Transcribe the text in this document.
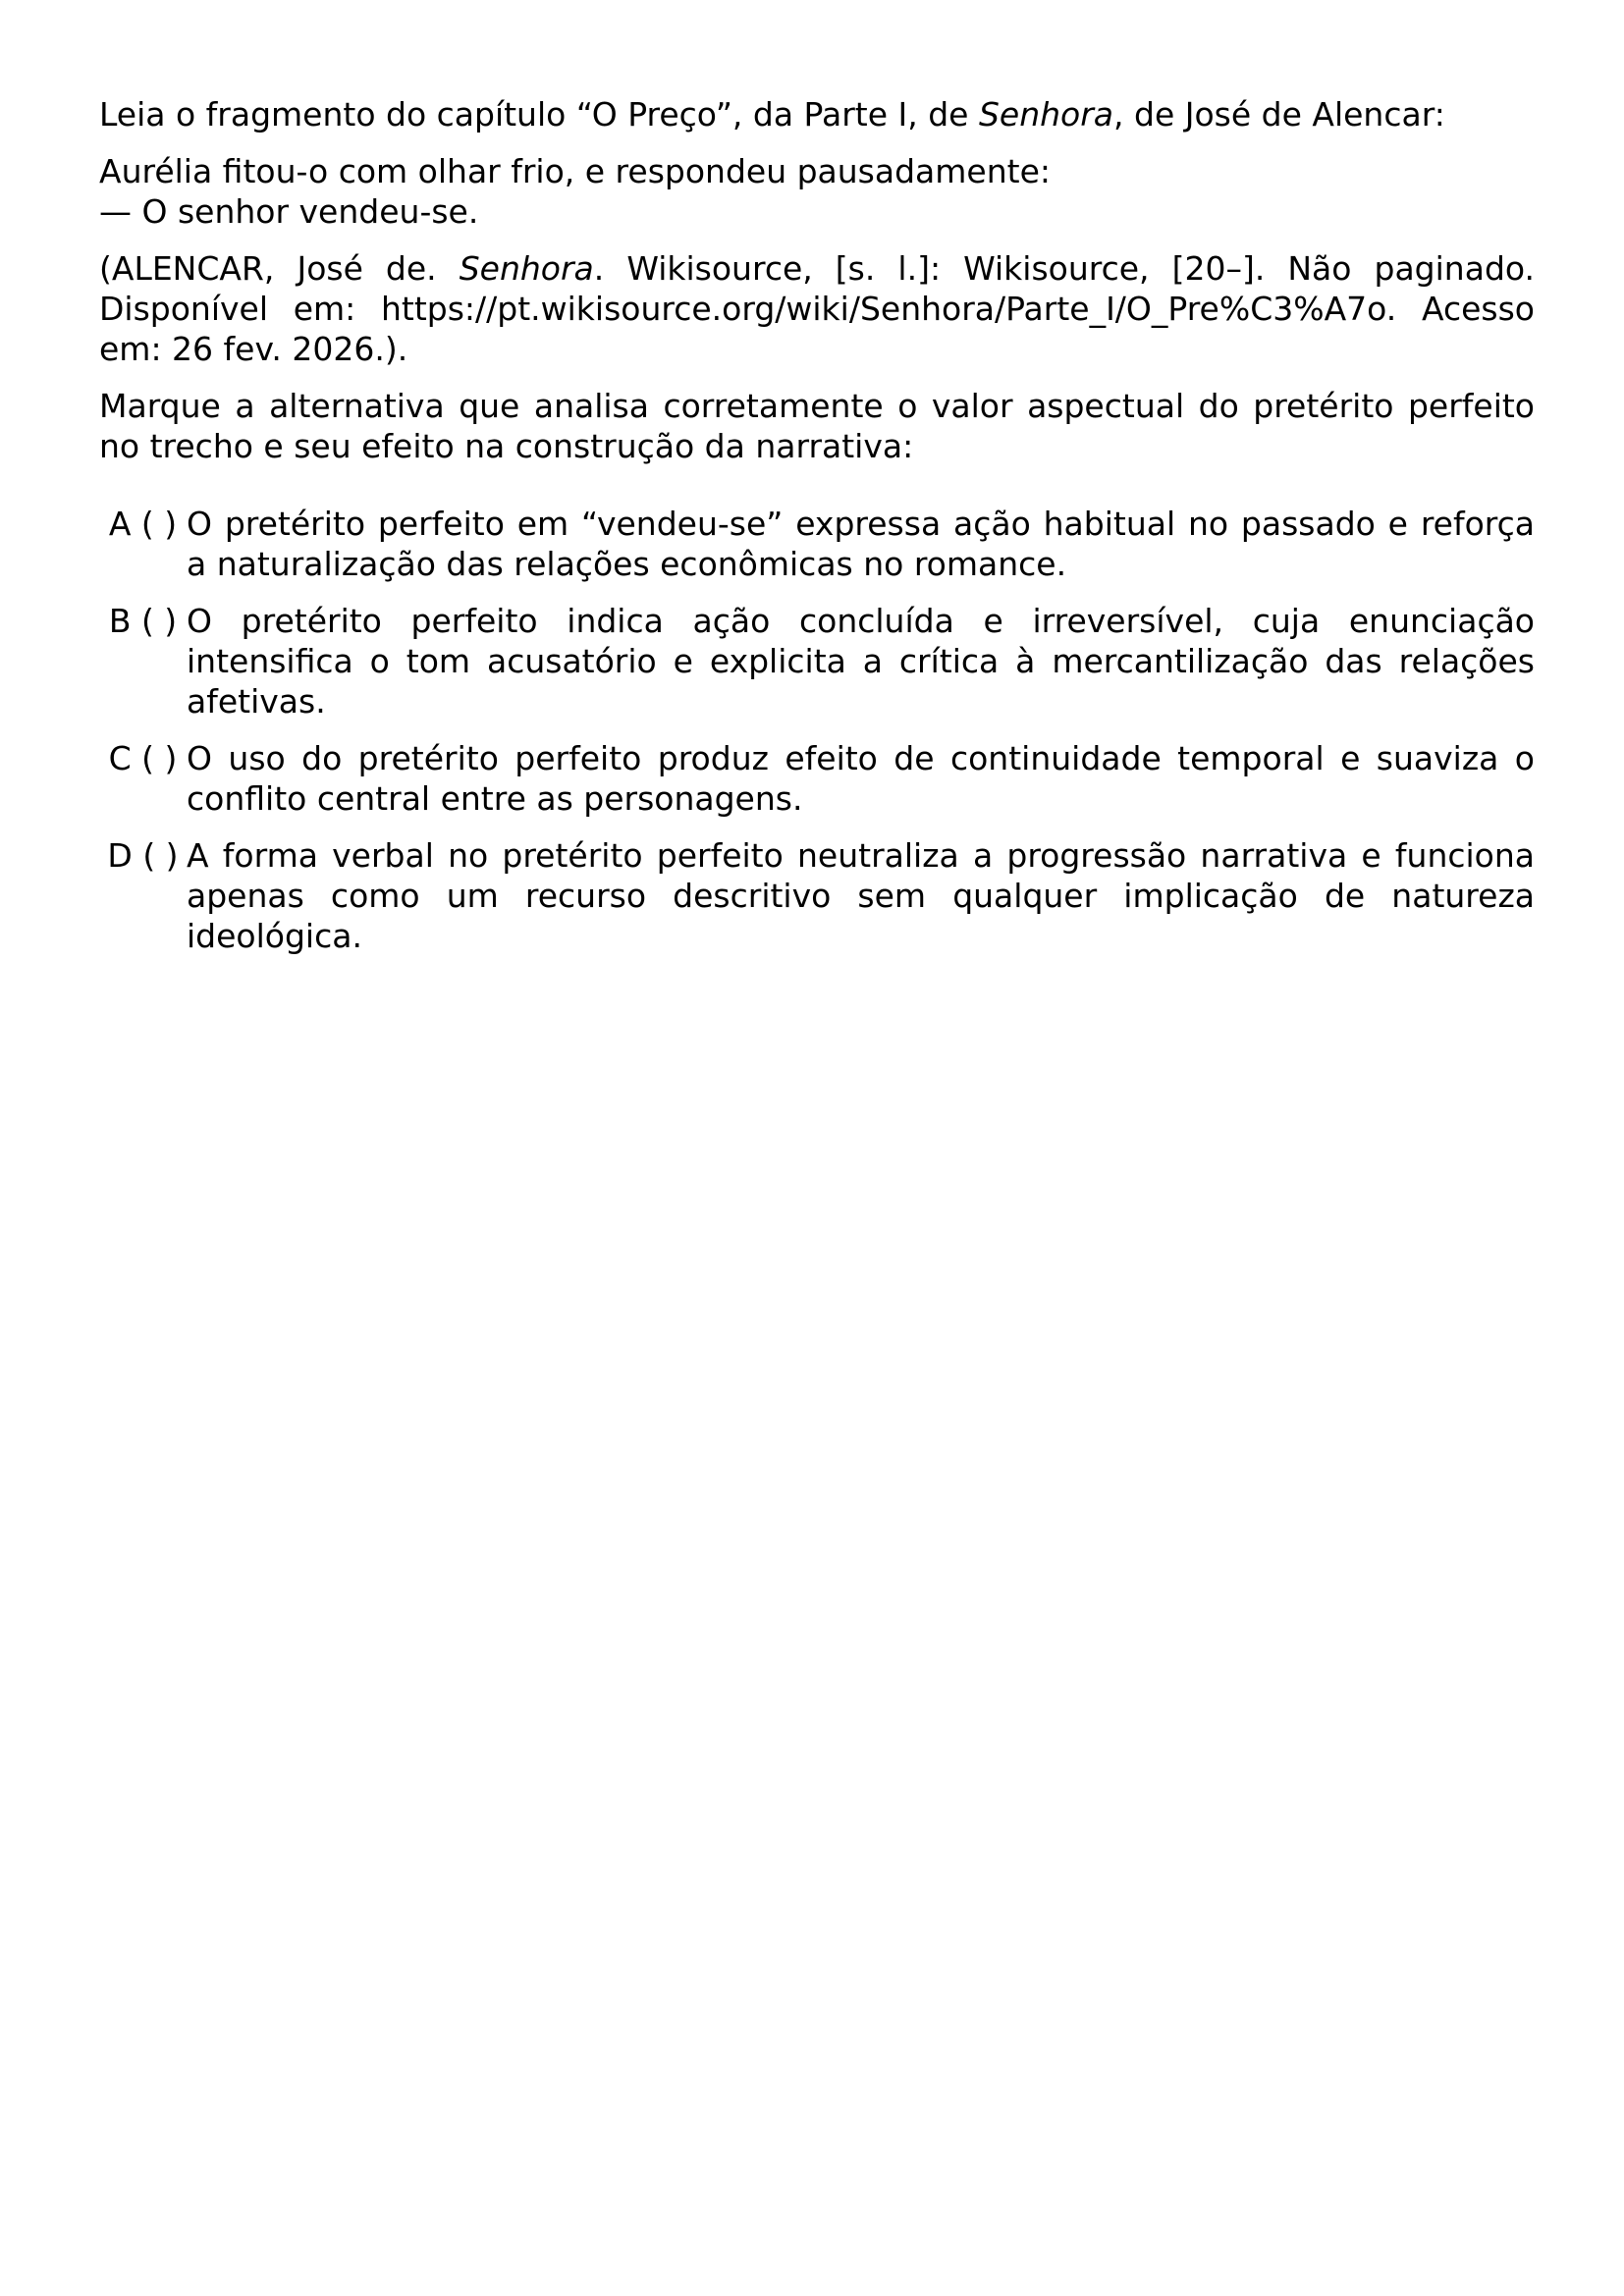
Leia o fragmento do capítulo “O Preço”, da Parte I, de Senhora, de José de Alencar:

Aurélia fitou-o com olhar frio, e respondeu pausadamente:
— O senhor vendeu-se.

(ALENCAR, José de. Senhora. Wikisource, [s. l.]: Wikisource, [20–]. Não paginado. Disponível em: https://pt.wikisource.org/wiki/Senhora/Parte_I/O_Pre%C3%A7o. Acesso em: 26 fev. 2026.).

Marque a alternativa que analisa corretamente o valor aspectual do pretérito perfeito no trecho e seu efeito na construção da narrativa:

A ( ) O pretérito perfeito em “vendeu-se” expressa ação habitual no passado e reforça a naturalização das relações econômicas no romance.
B ( ) O pretérito perfeito indica ação concluída e irreversível, cuja enunciação intensifica o tom acusatório e explicita a crítica à mercantilização das relações afetivas.
C ( ) O uso do pretérito perfeito produz efeito de continuidade temporal e suaviza o conflito central entre as personagens.
D ( ) A forma verbal no pretérito perfeito neutraliza a progressão narrativa e funciona apenas como um recurso descritivo sem qualquer implicação de natureza ideológica.
